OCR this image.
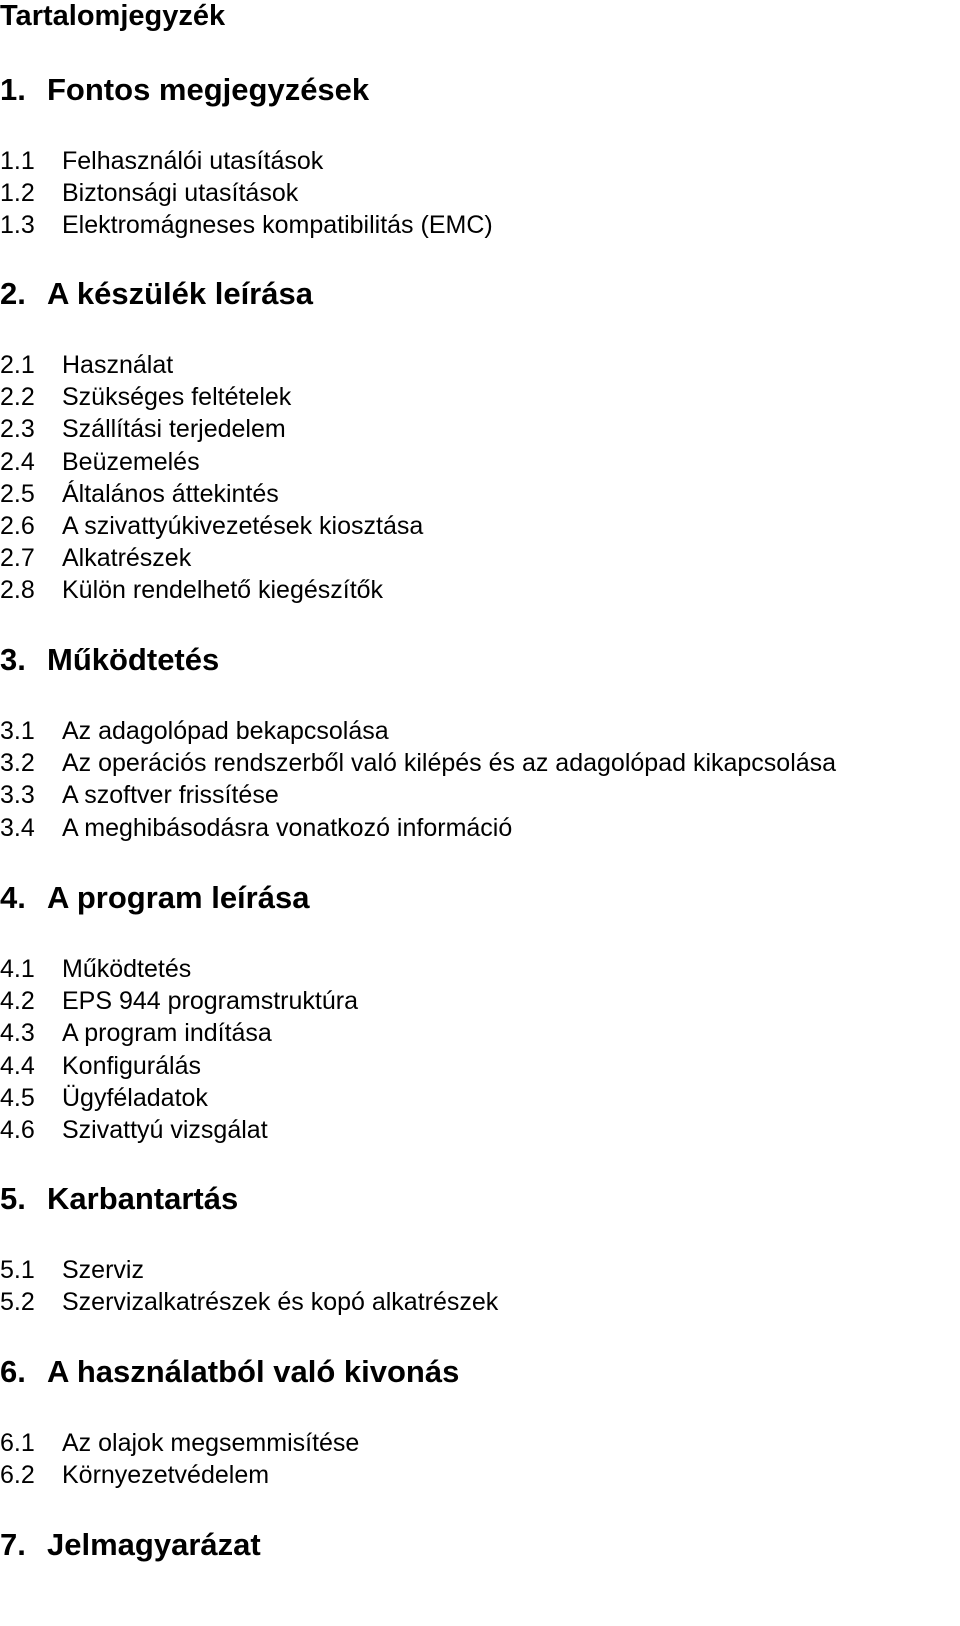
Tartalomjegyzék
1. Fontos megjegyzések
1.1	Felhasználói utasítások
1.2	Biztonsági utasítások
1.3	Elektromágneses kompatibilitás (EMC)
2. A készülék leírása
2.1	Használat
2.2	Szükséges feltételek
2.3	Szállítási terjedelem
2.4	Beüzemelés
2.5	Általános áttekintés
2.6	A szivattyúkivezetések kiosztása
2.7	Alkatrészek
2.8	Külön rendelhető kiegészítők
3. Működtetés
3.1	Az adagolópad bekapcsolása
3.2	Az operációs rendszerből való kilépés és az adagolópad kikapcsolása
3.3	A szoftver frissítése
3.4	A meghibásodásra vonatkozó információ
4. A program leírása
4.1	Működtetés
4.2	EPS 944 programstruktúra
4.3	A program indítása
4.4	Konfigurálás
4.5	Ügyféladatok
4.6	Szivattyú vizsgálat
5. Karbantartás
5.1	Szerviz
5.2	Szervizalkatrészek és kopó alkatrészek
6. A használatból való kivonás
6.1	Az olajok megsemmisítése
6.2	Környezetvédelem
7. Jelmagyarázat
